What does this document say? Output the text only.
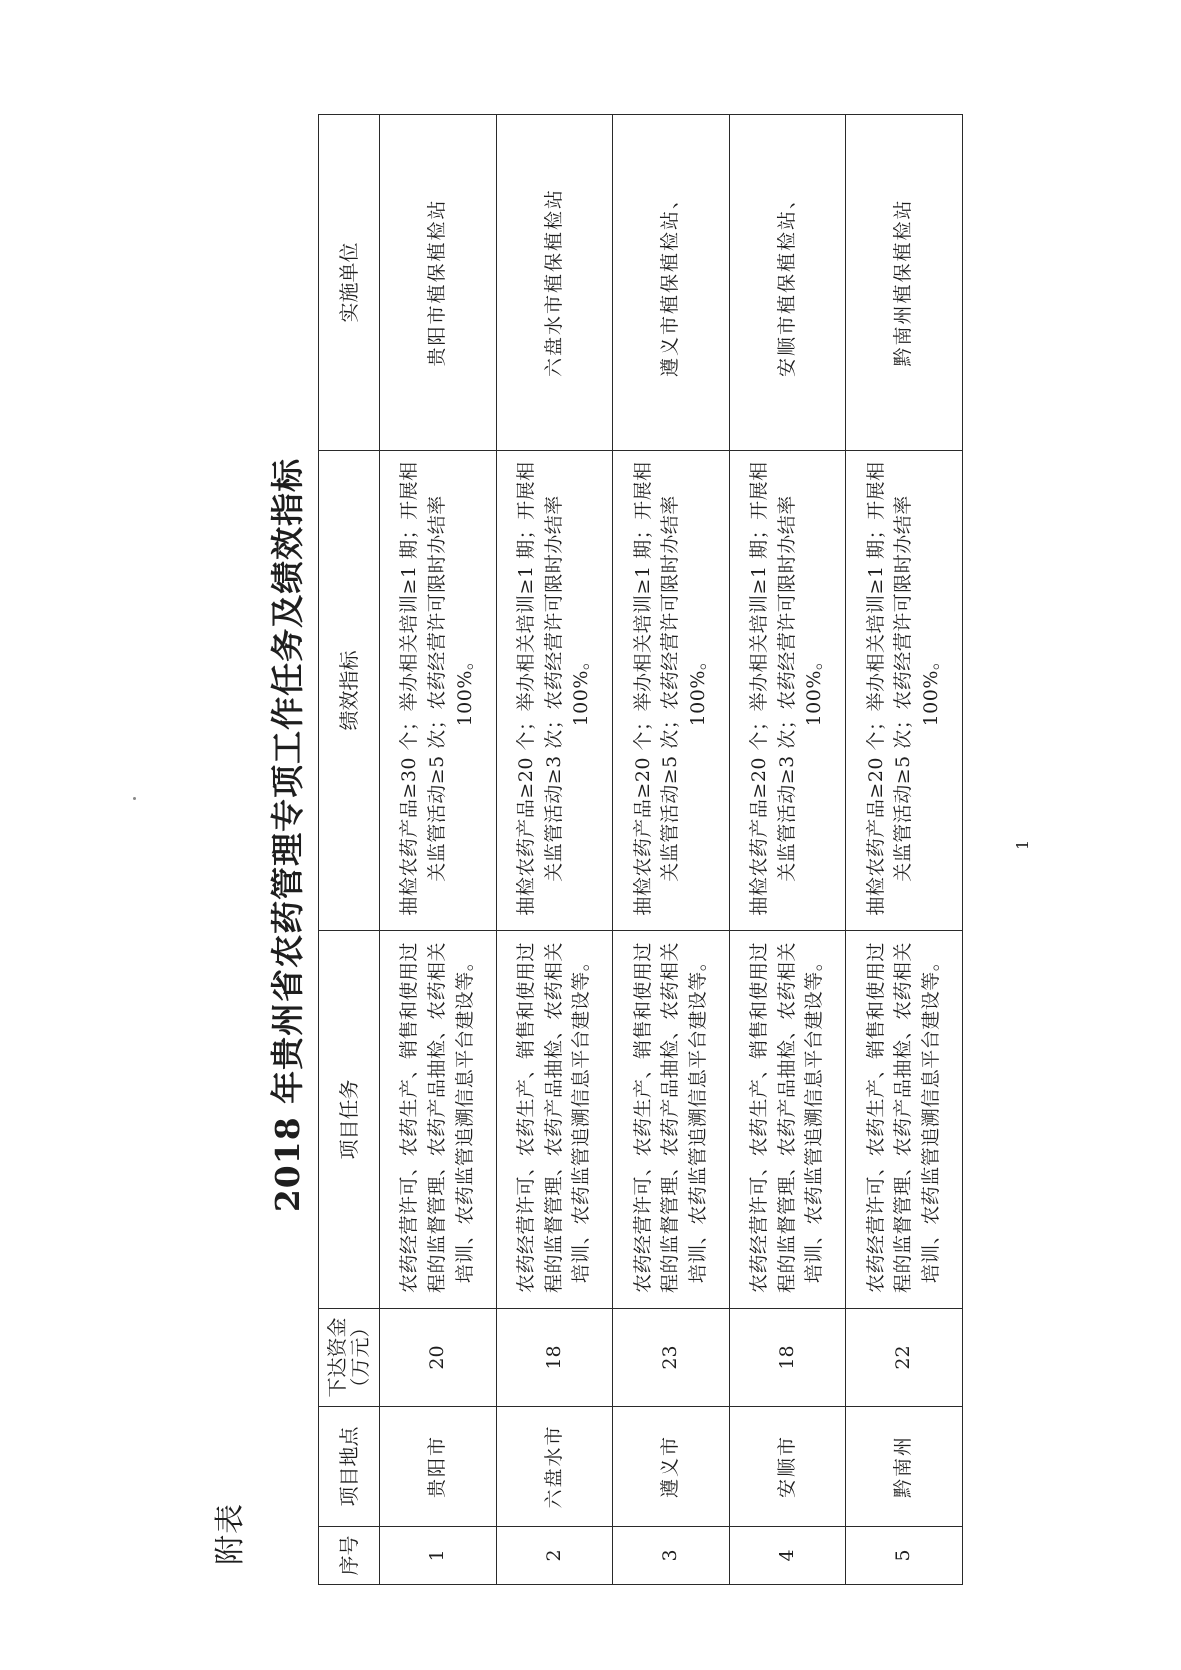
附表
2018 年贵州省农药管理专项工作任务及绩效指标
序号	项目地点	下达资金 （万元）	项目任务	绩效指标	实施单位
1	贵阳市	20	农药经营许可、农药生产、销售和使用过程的监督管理、农药产品抽检、农药相关培训、农药监管追溯信息平台建设等。	抽检农药产品≥30 个；举办相关培训≥1 期；开展相关监管活动≥5 次；农药经营许可限时办结率 100%。	贵阳市植保植检站
2	六盘水市	18	农药经营许可、农药生产、销售和使用过程的监督管理、农药产品抽检、农药相关培训、农药监管追溯信息平台建设等。	抽检农药产品≥20 个；举办相关培训≥1 期；开展相关监管活动≥3 次；农药经营许可限时办结率 100%。	六盘水市植保植检站
3	遵义市	23	农药经营许可、农药生产、销售和使用过程的监督管理、农药产品抽检、农药相关培训、农药监管追溯信息平台建设等。	抽检农药产品≥20 个；举办相关培训≥1 期；开展相关监管活动≥5 次；农药经营许可限时办结率 100%。	遵义市植保植检站、
4	安顺市	18	农药经营许可、农药生产、销售和使用过程的监督管理、农药产品抽检、农药相关培训、农药监管追溯信息平台建设等。	抽检农药产品≥20 个；举办相关培训≥1 期；开展相关监管活动≥3 次；农药经营许可限时办结率 100%。	安顺市植保植检站、
5	黔南州	22	农药经营许可、农药生产、销售和使用过程的监督管理、农药产品抽检、农药相关培训、农药监管追溯信息平台建设等。	抽检农药产品≥20 个；举办相关培训≥1 期；开展相关监管活动≥5 次；农药经营许可限时办结率 100%。	黔南州植保植检站
1
